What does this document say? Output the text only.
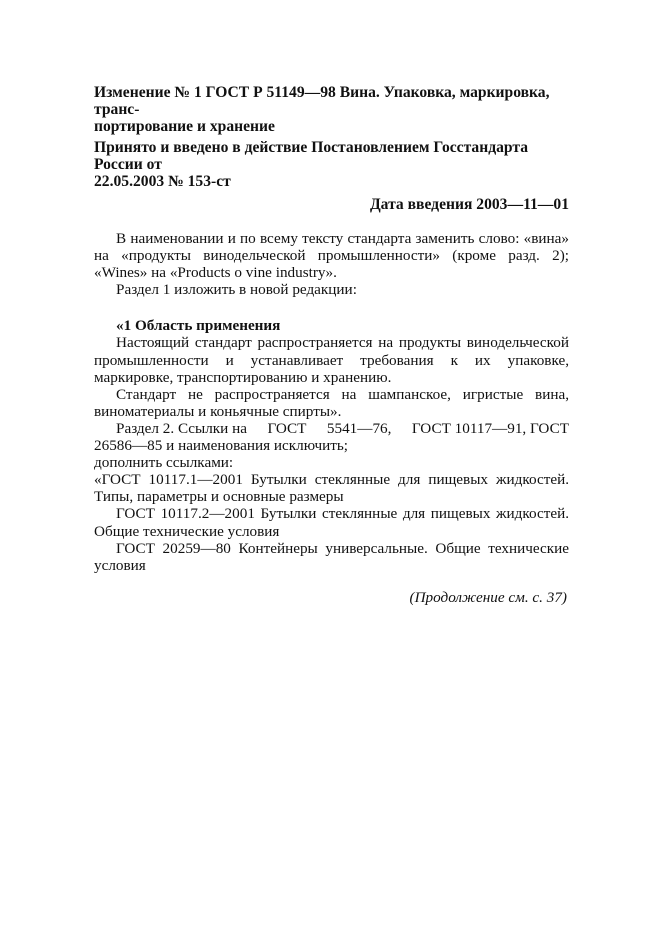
Изменение № 1 ГОСТ Р 51149—98 Вина. Упаковка, маркировка, транс-
портирование и хранение

Принято и введено в действие Постановлением Госстандарта России от
22.05.2003 № 153-ст

Дата введения 2003—11—01

В наименовании и по всему тексту стандарта заменить слово: «вина» на «продукты винодельческой промышленности» (кроме разд. 2); «Wines» на «Products o vine industry».

Раздел 1 изложить в новой редакции:

«1 Область применения

Настоящий стандарт распространяется на продукты винодельческой промышленности и устанавливает требования к их упаковке, маркировке, транспортированию и хранению.

Стандарт не распространяется на шампанское, игристые вина, виноматериалы и коньячные спирты».

Раздел 2. Ссылки на ГОСТ 5541—76, ГОСТ 10117—91, ГОСТ

26586—85 и наименования исключить;

дополнить ссылками:

«ГОСТ 10117.1—2001 Бутылки стеклянные для пищевых жидкостей. Типы, параметры и основные размеры

ГОСТ 10117.2—2001 Бутылки стеклянные для пищевых жидкостей. Общие технические условия

ГОСТ 20259—80 Контейнеры универсальные. Общие технические условия

(Продолжение см. с. 37)
